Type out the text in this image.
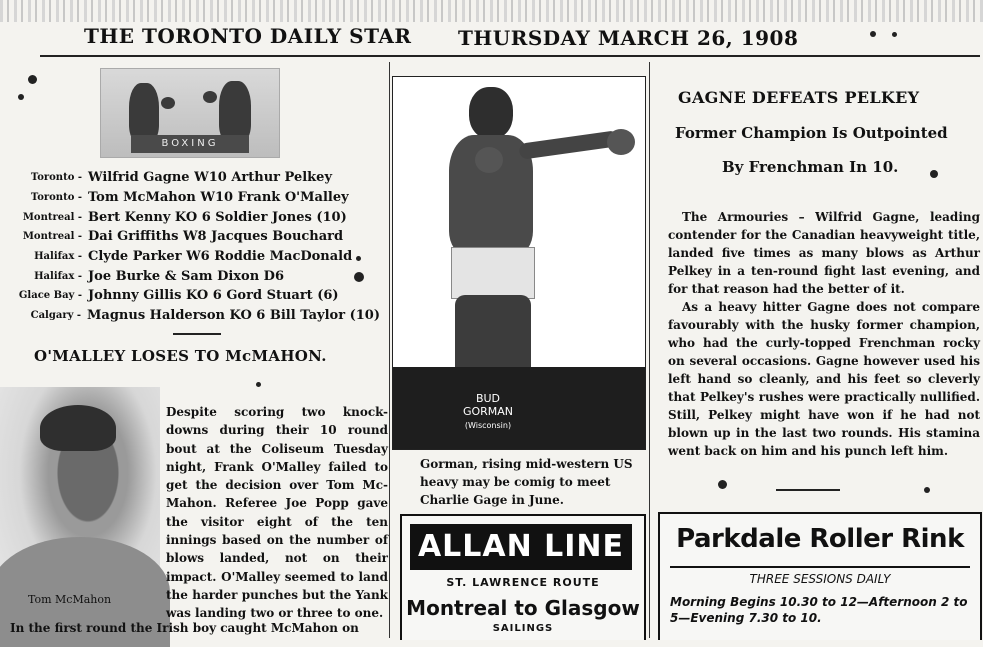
THE TORONTO DAILY STAR THURSDAY MARCH 26, 1908
BOXING
Toronto - Wilfrid Gagne W10 Arthur Pelkey
Toronto - Tom McMahon W10 Frank O'Malley
Montreal - Bert Kenny KO 6 Soldier Jones (10)
Montreal - Dai Griffiths W8 Jacques Bouchard
Halifax - Clyde Parker W6 Roddie MacDonald
Halifax - Joe Burke & Sam Dixon D6
Glace Bay - Johnny Gillis KO 6 Gord Stuart (6)
Calgary - Magnus Halderson KO 6 Bill Taylor (10)
O'MALLEY LOSES TO McMAHON.
Tom McMahon
Despite scoring two knock-downs during their 10 round bout at the Coliseum Tuesday night, Frank O'Malley failed to get the decision over Tom Mc-Mahon. Referee Joe Popp gave the visitor eight of the ten innings based on the number of blows landed, not on their impact. O'Malley seemed to land the harder punches but the Yank was landing two or three to one.
In the first round the Irish boy caught McMahon on
BUD
GORMAN
(Wisconsin)
Gorman, rising mid-western US heavy may be comig to meet Charlie Gage in June.
ALLAN LINE
ST. LAWRENCE ROUTE
Montreal to Glasgow
SAILINGS
GAGNE DEFEATS PELKEY
Former Champion Is Outpointed
By Frenchman In 10.
The Armouries – Wilfrid Gagne, leading contender for the Canadian heavyweight title, landed five times as many blows as Arthur Pelkey in a ten-round fight last evening, and for that reason had the better of it.
As a heavy hitter Gagne does not compare favourably with the husky former champion, who had the curly-topped Frenchman rocky on several occasions. Gagne however used his left hand so cleanly, and his feet so cleverly that Pelkey's rushes were practically nullified. Still, Pelkey might have won if he had not blown up in the last two rounds. His stamina went back on him and his punch left him.
Parkdale Roller Rink
THREE SESSIONS DAILY
Morning Begins 10.30 to 12—Afternoon 2 to 5—Evening 7.30 to 10.
